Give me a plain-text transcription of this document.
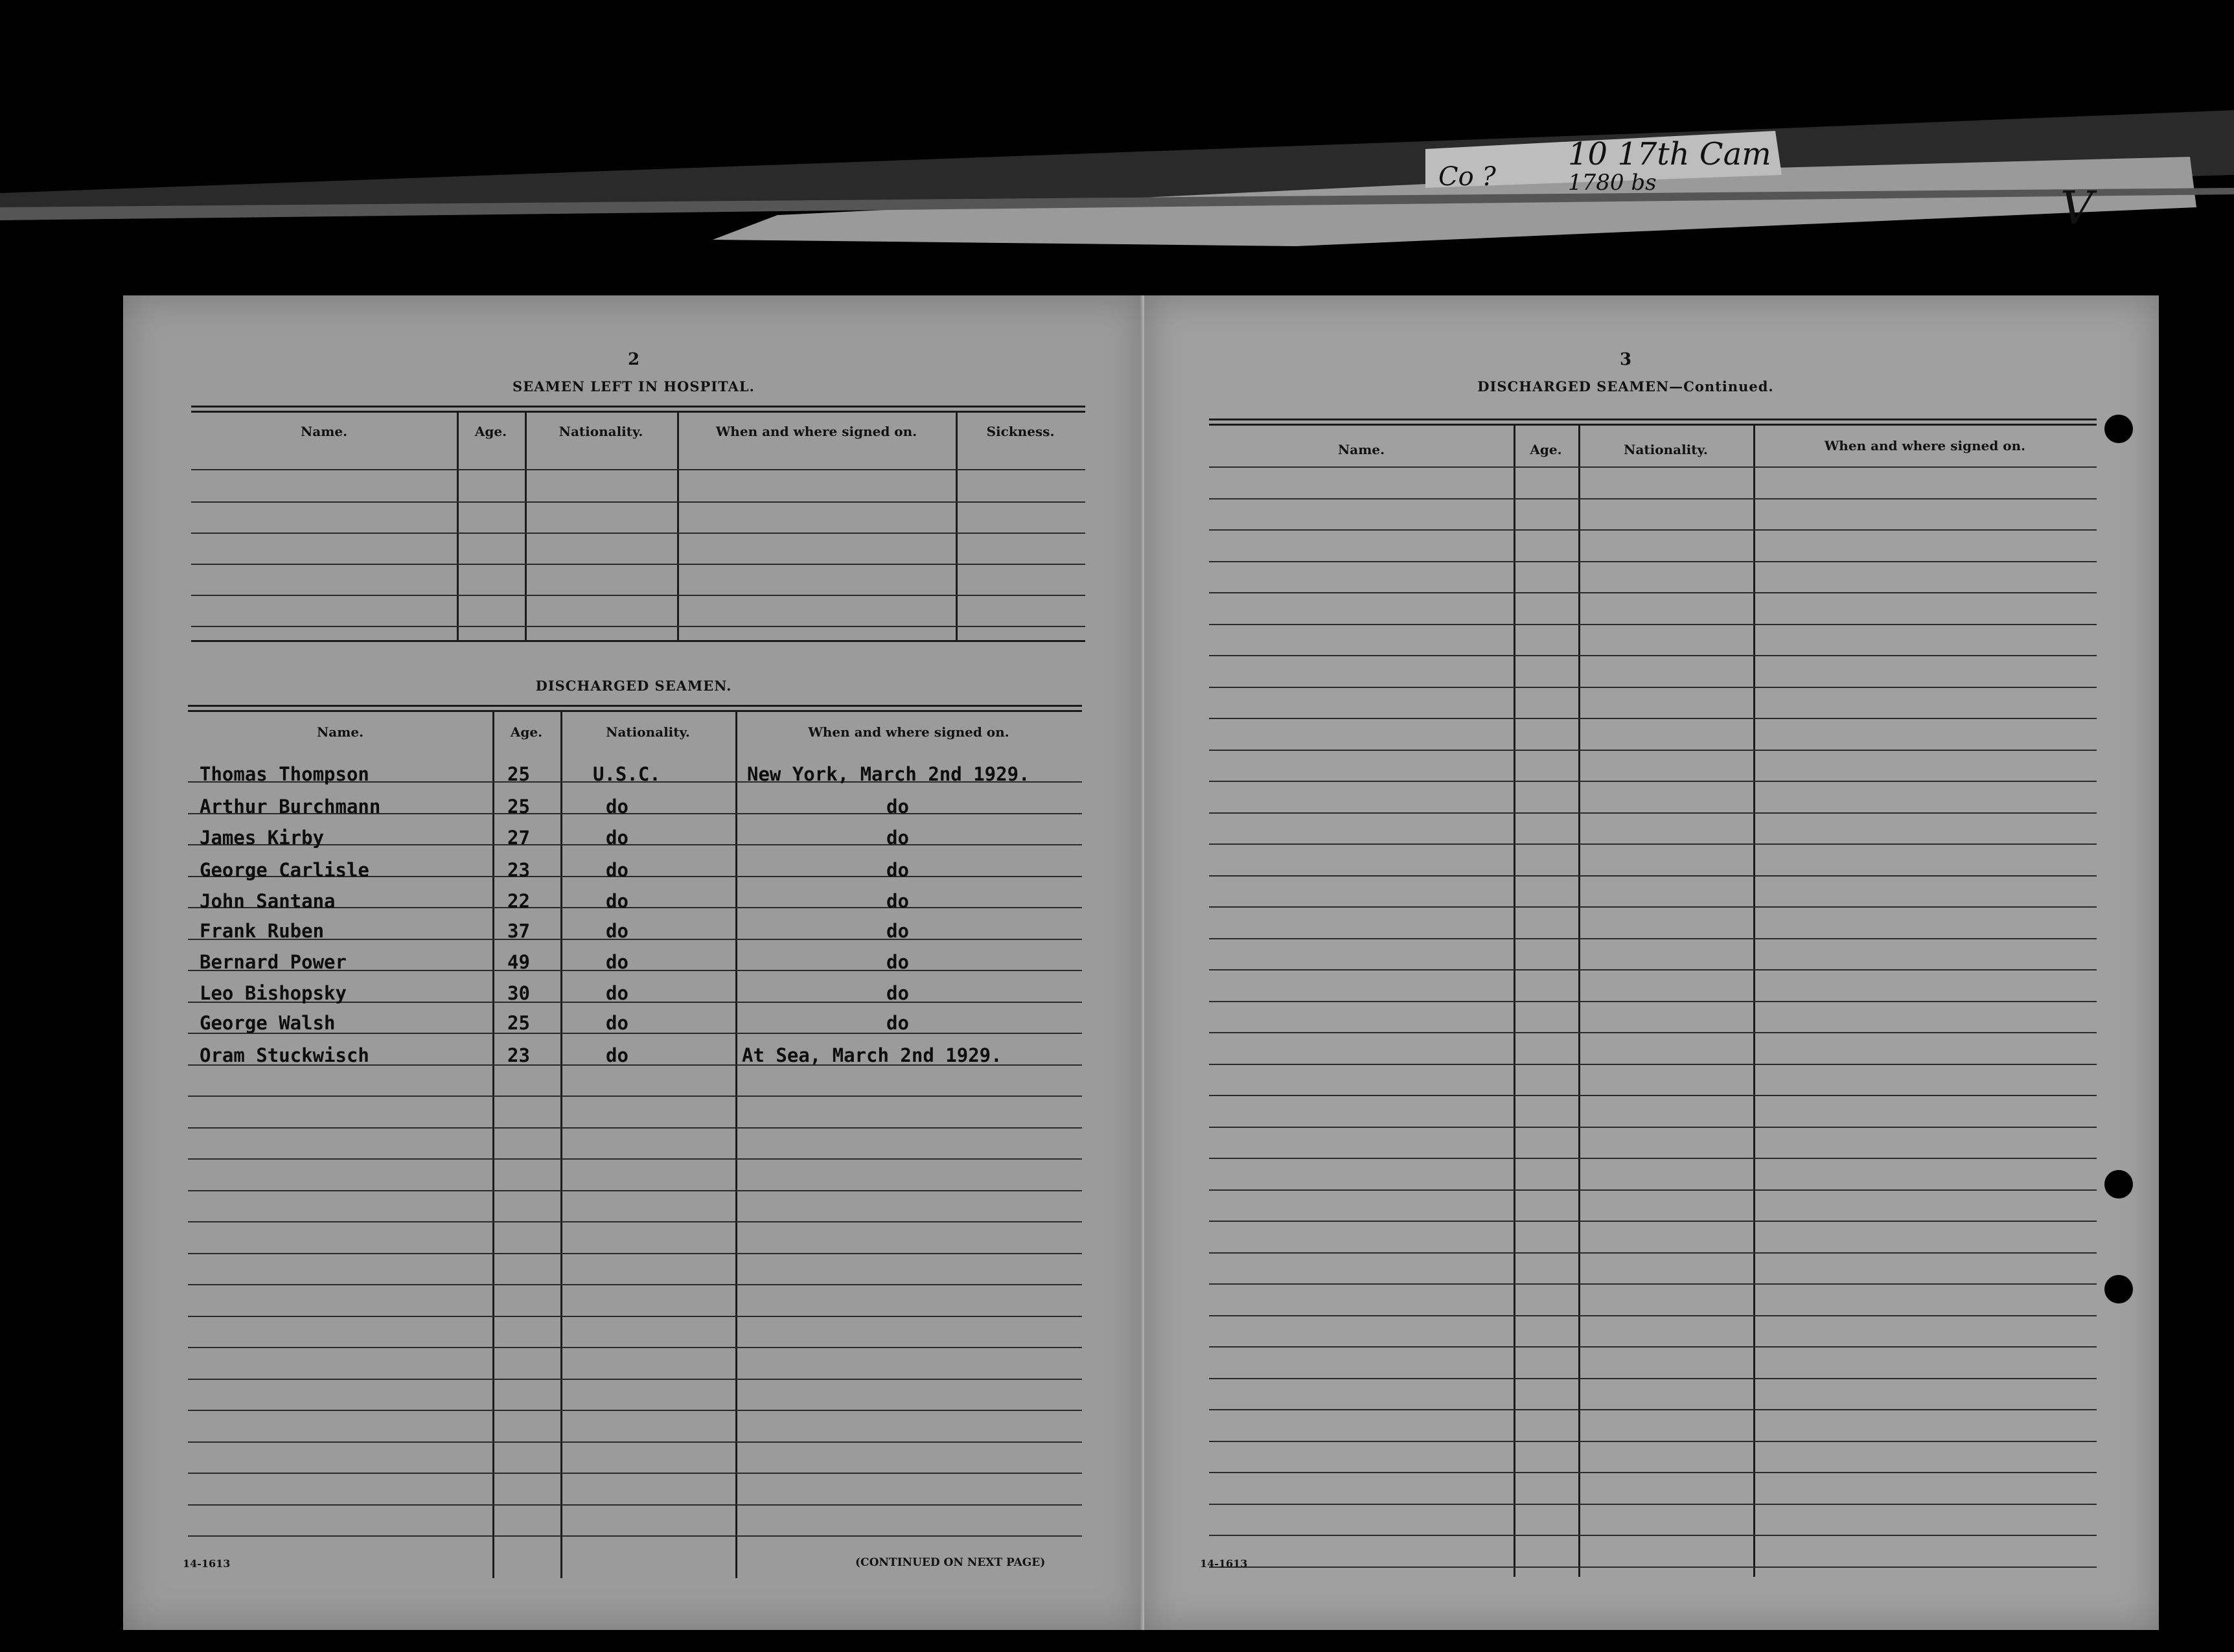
10 17th Cam
1780 bs
Co ?
V
2
SEAMEN LEFT IN HOSPITAL.
Name.	Age.	Nationality.	When and where signed on.	Sickness.
DISCHARGED SEAMEN.
Name.	Age.	Nationality.	When and where signed on.
Thomas Thompson	25	U.S.C.	New York, March 2nd 1929.
Arthur Burchmann	25	do	do
James Kirby	27	do	do
George Carlisle	23	do	do
John Santana	22	do	do
Frank Ruben	37	do	do
Bernard Power	49	do	do
Leo Bishopsky	30	do	do
George Walsh	25	do	do
Oram Stuckwisch	23	do	At Sea, March 2nd 1929.
14-1613	(CONTINUED ON NEXT PAGE)
3
DISCHARGED SEAMEN—Continued.
Name.	Age.	Nationality.	When and where signed on.
14-1613
